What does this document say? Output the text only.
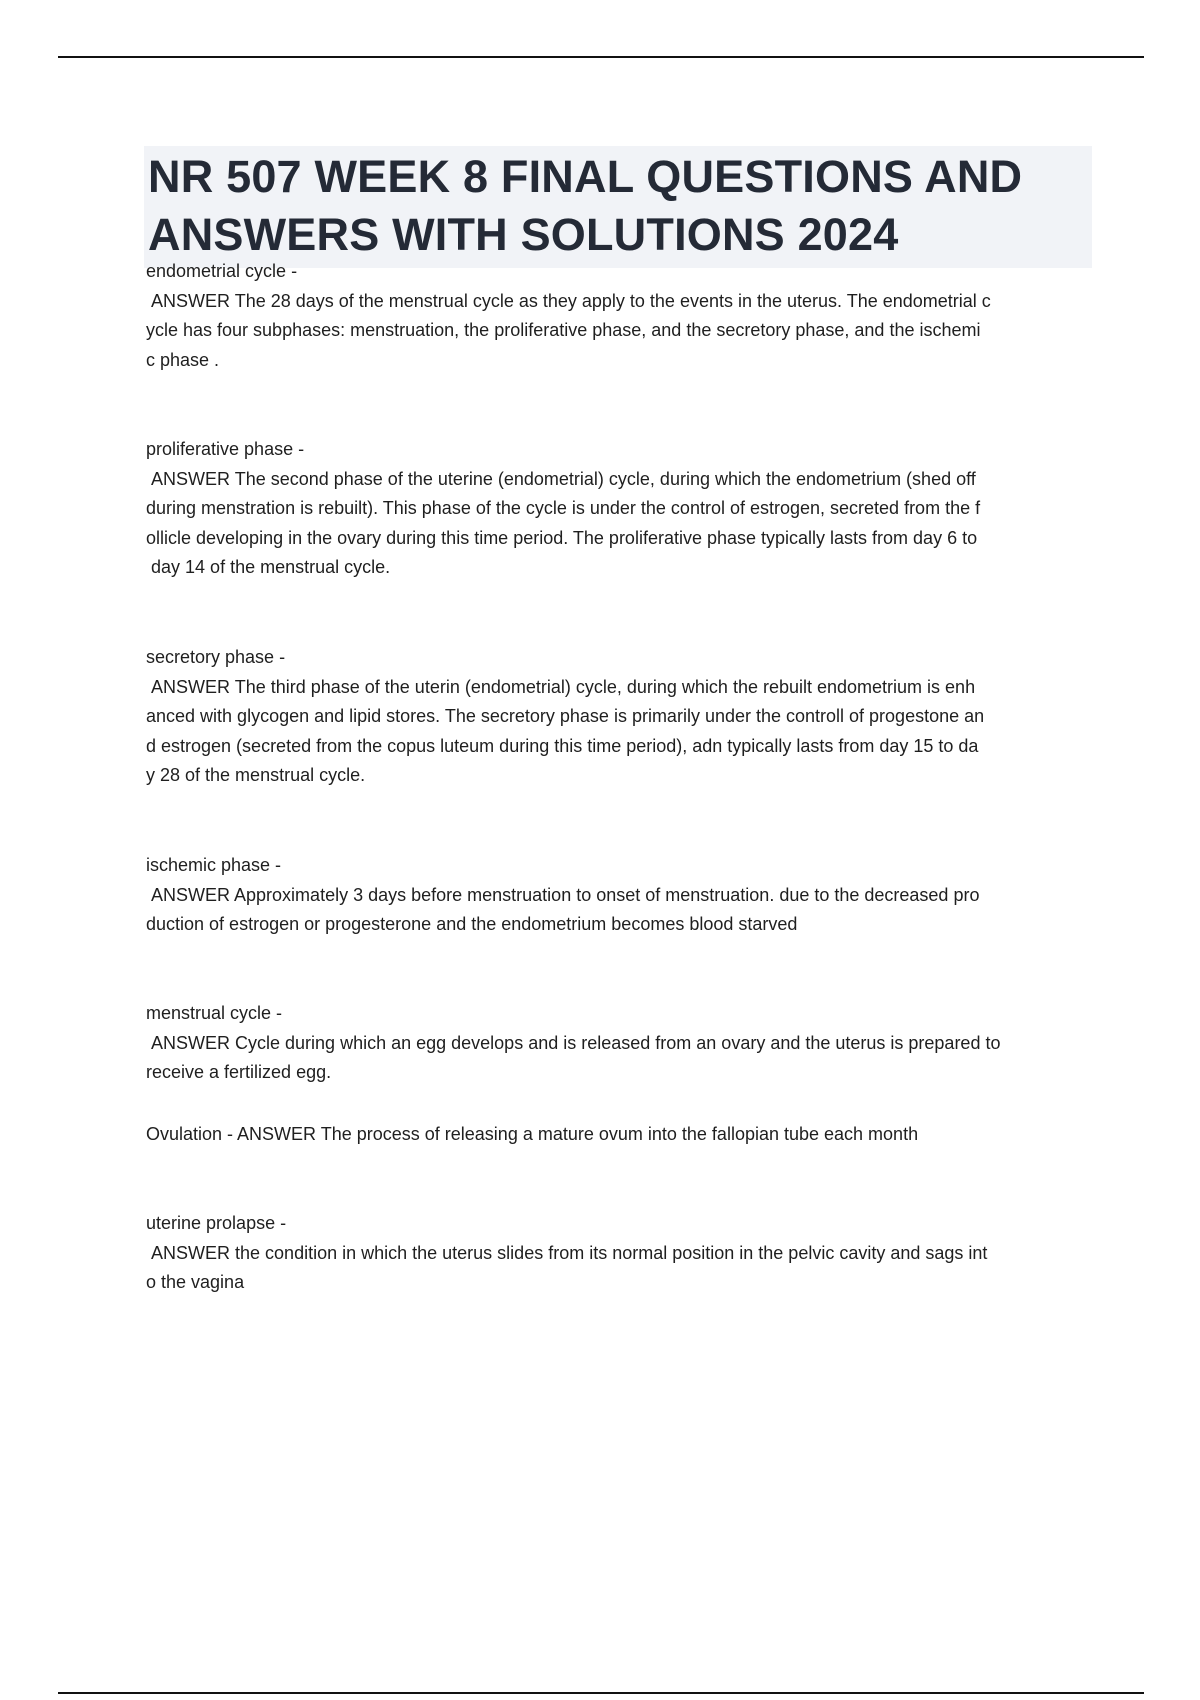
NR 507 WEEK 8 FINAL QUESTIONS AND ANSWERS WITH SOLUTIONS 2024
endometrial cycle -
ANSWER The 28 days of the menstrual cycle as they apply to the events in the uterus. The endometrial c
ycle has four subphases: menstruation, the proliferative phase, and the secretory phase, and the ischemi
c phase .
proliferative phase -
ANSWER The second phase of the uterine (endometrial) cycle, during which the endometrium (shed off
during menstration is rebuilt). This phase of the cycle is under the control of estrogen, secreted from the f
ollicle developing in the ovary during this time period. The proliferative phase typically lasts from day 6 to
day 14 of the menstrual cycle.
secretory phase -
ANSWER The third phase of the uterin (endometrial) cycle, during which the rebuilt endometrium is enh
anced with glycogen and lipid stores. The secretory phase is primarily under the controll of progestone an
d estrogen (secreted from the copus luteum during this time period), adn typically lasts from day 15 to da
y 28 of the menstrual cycle.
ischemic phase -
ANSWER Approximately 3 days before menstruation to onset of menstruation. due to the decreased pro
duction of estrogen or progesterone and the endometrium becomes blood starved
menstrual cycle -
ANSWER Cycle during which an egg develops and is released from an ovary and the uterus is prepared to
receive a fertilized egg.
Ovulation - ANSWER The process of releasing a mature ovum into the fallopian tube each month
uterine prolapse -
ANSWER the condition in which the uterus slides from its normal position in the pelvic cavity and sags int
o the vagina
